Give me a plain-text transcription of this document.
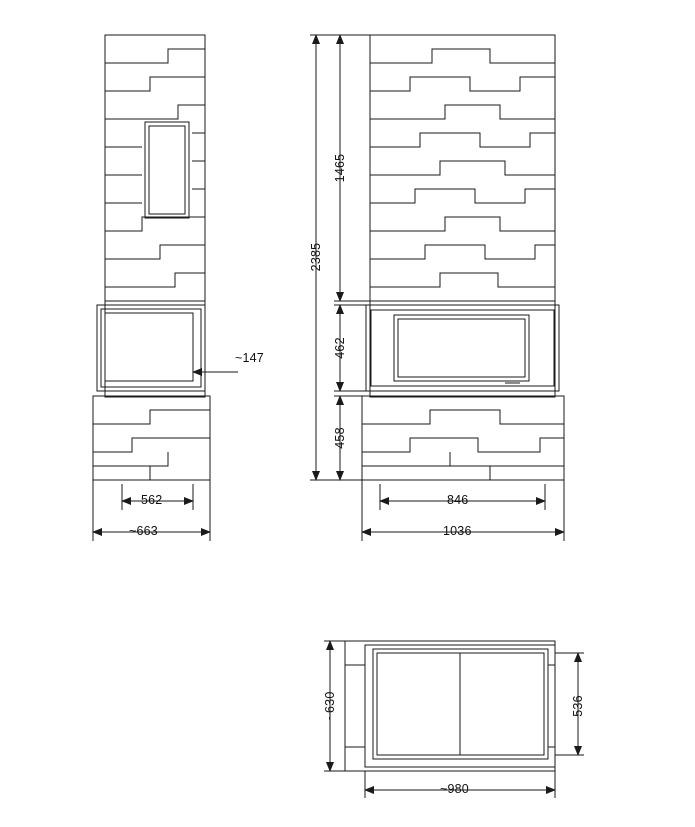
~147
562
~663
1465
2385
462
458
846
1036
~630	536
~980
